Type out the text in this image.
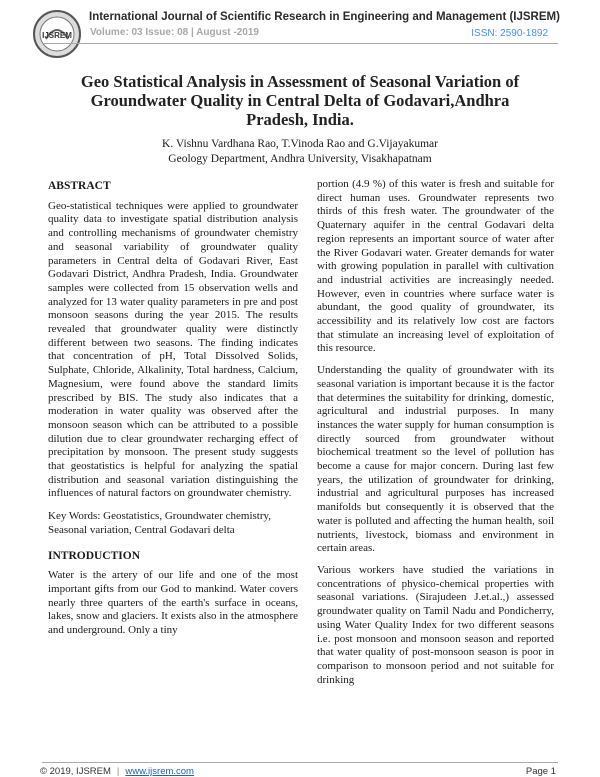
IJSREM
International Journal of Scientific Research in Engineering and Management (IJSREM)
Volume: 03 Issue: 08 | August -2019	ISSN: 2590-1892
Geo Statistical Analysis in Assessment of Seasonal Variation of Groundwater Quality in Central Delta of Godavari,Andhra Pradesh, India.
K. Vishnu Vardhana Rao, T.Vinoda Rao and G.Vijayakumar
Geology Department, Andhra University, Visakhapatnam
ABSTRACT

Geo-statistical techniques were applied to groundwater quality data to investigate spatial distribution analysis and controlling mechanisms of groundwater chemistry and seasonal variability of groundwater quality parameters in Central delta of Godavari River, East Godavari District, Andhra Pradesh, India. Groundwater samples were collected from 15 observation wells and analyzed for 13 water quality parameters in pre and post monsoon seasons during the year 2015. The results revealed that groundwater quality were distinctly different between two seasons. The finding indicates that concentration of pH, Total Dissolved Solids, Sulphate, Chloride, Alkalinity, Total hardness, Calcium, Magnesium, were found above the standard limits prescribed by BIS. The study also indicates that a moderation in water quality was observed after the monsoon season which can be attributed to a possible dilution due to clear groundwater recharging effect of precipitation by monsoon. The present study suggests that geostatistics is helpful for analyzing the spatial distribution and seasonal variation distinguishing the influences of natural factors on groundwater chemistry.

Key Words: Geostatistics, Groundwater chemistry, Seasonal variation, Central Godavari delta

INTRODUCTION

Water is the artery of our life and one of the most important gifts from our God to mankind. Water covers nearly three quarters of the earth's surface in oceans, lakes, snow and glaciers. It exists also in the atmosphere and underground. Only a tiny

portion (4.9 %) of this water is fresh and suitable for direct human uses. Groundwater represents two thirds of this fresh water. The groundwater of the Quaternary aquifer in the central Godavari delta region represents an important source of water after the River Godavari water. Greater demands for water with growing population in parallel with cultivation and industrial activities are increasingly needed. However, even in countries where surface water is abundant, the good quality of groundwater, its accessibility and its relatively low cost are factors that stimulate an increasing level of exploitation of this resource.

Understanding the quality of groundwater with its seasonal variation is important because it is the factor that determines the suitability for drinking, domestic, agricultural and industrial purposes. In many instances the water supply for human consumption is directly sourced from groundwater without biochemical treatment so the level of pollution has become a cause for major concern. During last few years, the utilization of groundwater for drinking, industrial and agricultural purposes has increased manifolds but consequently it is observed that the water is polluted and affecting the human health, soil nutrients, livestock, biomass and environment in certain areas.

Various workers have studied the variations in concentrations of physico-chemical properties with seasonal variations. (Sirajudeen J.et.al.,) assessed groundwater quality on Tamil Nadu and Pondicherry, using Water Quality Index for two different seasons i.e. post monsoon and monsoon season and reported that water quality of post-monsoon season is poor in comparison to monsoon period and not suitable for drinking

© 2019, IJSREM | www.ijsrem.com	Page 1
